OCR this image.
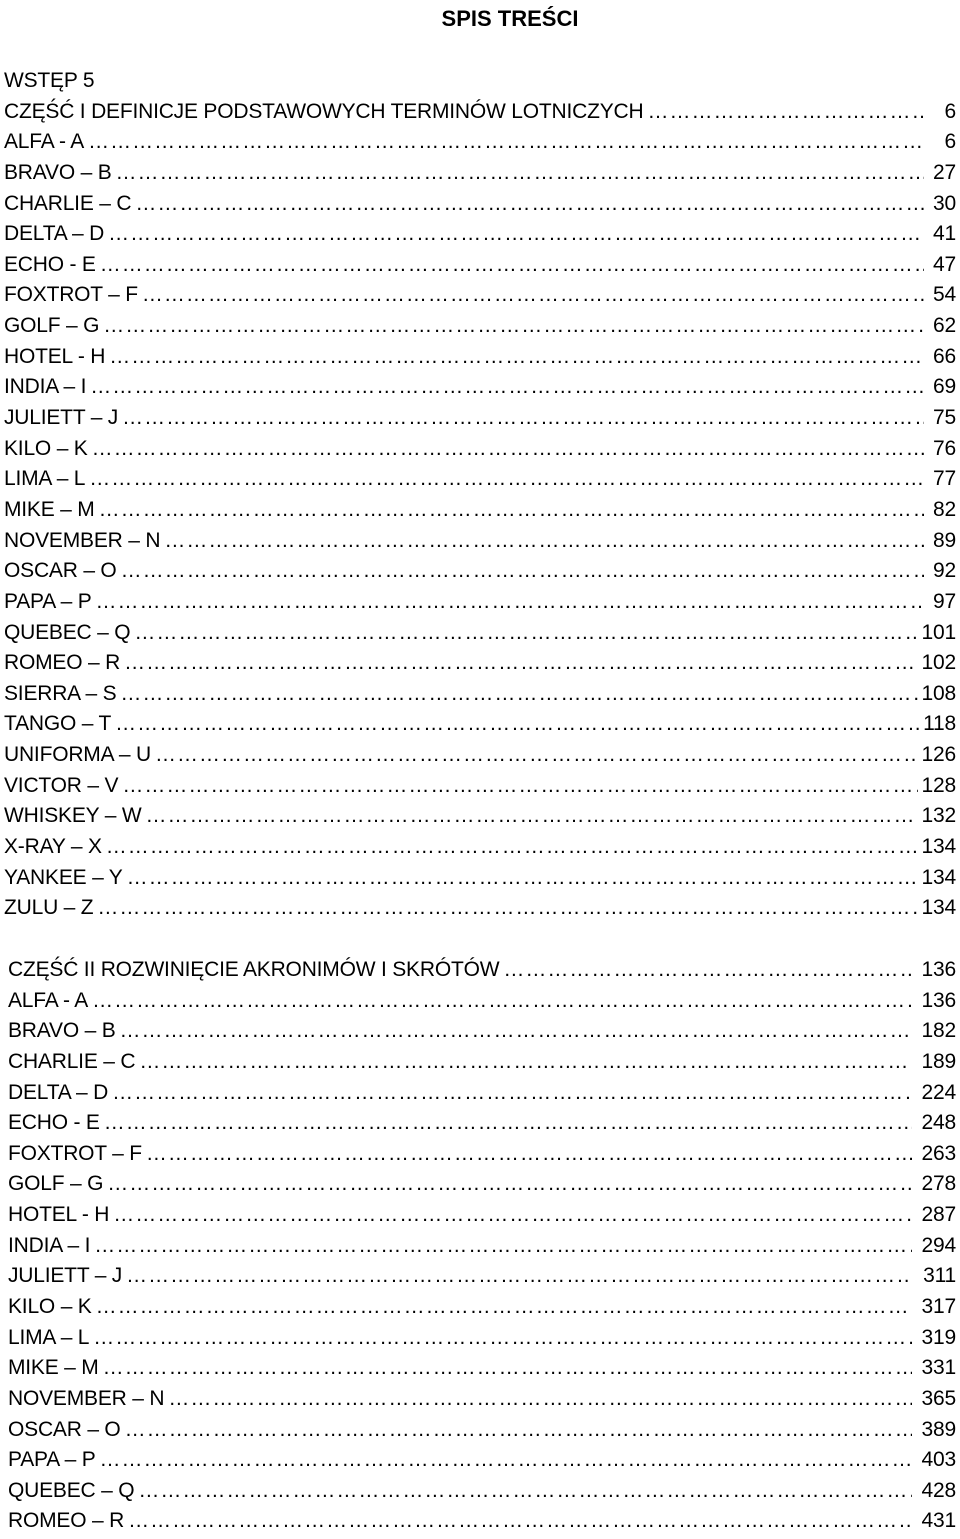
SPIS TREŚCI
WSTĘP 5
CZĘŚĆ I DEFINICJE PODSTAWOWYCH TERMINÓW LOTNICZYCH ………………………………………………………………………………………………………………………………………………………………………………	6
ALFA - A ………………………………………………………………………………………………………………………………………………………………………………	6
BRAVO – B ………………………………………………………………………………………………………………………………………………………………………………	27
CHARLIE – C ………………………………………………………………………………………………………………………………………………………………………………	30
DELTA – D ………………………………………………………………………………………………………………………………………………………………………………	41
ECHO - E ………………………………………………………………………………………………………………………………………………………………………………	47
FOXTROT – F ………………………………………………………………………………………………………………………………………………………………………………	54
GOLF – G ………………………………………………………………………………………………………………………………………………………………………………	62
HOTEL - H ………………………………………………………………………………………………………………………………………………………………………………	66
INDIA – I ………………………………………………………………………………………………………………………………………………………………………………	69
JULIETT – J ………………………………………………………………………………………………………………………………………………………………………………	75
KILO – K ………………………………………………………………………………………………………………………………………………………………………………	76
LIMA – L ………………………………………………………………………………………………………………………………………………………………………………	77
MIKE – M ………………………………………………………………………………………………………………………………………………………………………………	82
NOVEMBER – N ………………………………………………………………………………………………………………………………………………………………………………	89
OSCAR – O ………………………………………………………………………………………………………………………………………………………………………………	92
PAPA – P ………………………………………………………………………………………………………………………………………………………………………………	97
QUEBEC – Q ………………………………………………………………………………………………………………………………………………………………………………	101
ROMEO – R ………………………………………………………………………………………………………………………………………………………………………………	102
SIERRA – S ………………………………………………………………………………………………………………………………………………………………………………	108
TANGO – T ………………………………………………………………………………………………………………………………………………………………………………	118
UNIFORMA – U ………………………………………………………………………………………………………………………………………………………………………………	126
VICTOR – V ………………………………………………………………………………………………………………………………………………………………………………	128
WHISKEY – W ………………………………………………………………………………………………………………………………………………………………………………	132
X-RAY – X ………………………………………………………………………………………………………………………………………………………………………………	134
YANKEE – Y ………………………………………………………………………………………………………………………………………………………………………………	134
ZULU – Z ………………………………………………………………………………………………………………………………………………………………………………	134
CZĘŚĆ II ROZWINIĘCIE AKRONIMÓW I SKRÓTÓW ………………………………………………………………………………………………………………………………………………………………………………	136
ALFA - A ………………………………………………………………………………………………………………………………………………………………………………	136
BRAVO – B ………………………………………………………………………………………………………………………………………………………………………………	182
CHARLIE – C ………………………………………………………………………………………………………………………………………………………………………………	189
DELTA – D ………………………………………………………………………………………………………………………………………………………………………………	224
ECHO - E ………………………………………………………………………………………………………………………………………………………………………………	248
FOXTROT – F ………………………………………………………………………………………………………………………………………………………………………………	263
GOLF – G ………………………………………………………………………………………………………………………………………………………………………………	278
HOTEL - H ………………………………………………………………………………………………………………………………………………………………………………	287
INDIA – I ………………………………………………………………………………………………………………………………………………………………………………	294
JULIETT – J ………………………………………………………………………………………………………………………………………………………………………………	311
KILO – K ………………………………………………………………………………………………………………………………………………………………………………	317
LIMA – L ………………………………………………………………………………………………………………………………………………………………………………	319
MIKE – M ………………………………………………………………………………………………………………………………………………………………………………	331
NOVEMBER – N ………………………………………………………………………………………………………………………………………………………………………………	365
OSCAR – O ………………………………………………………………………………………………………………………………………………………………………………	389
PAPA – P ………………………………………………………………………………………………………………………………………………………………………………	403
QUEBEC – Q ………………………………………………………………………………………………………………………………………………………………………………	428
ROMEO – R ………………………………………………………………………………………………………………………………………………………………………………	431
